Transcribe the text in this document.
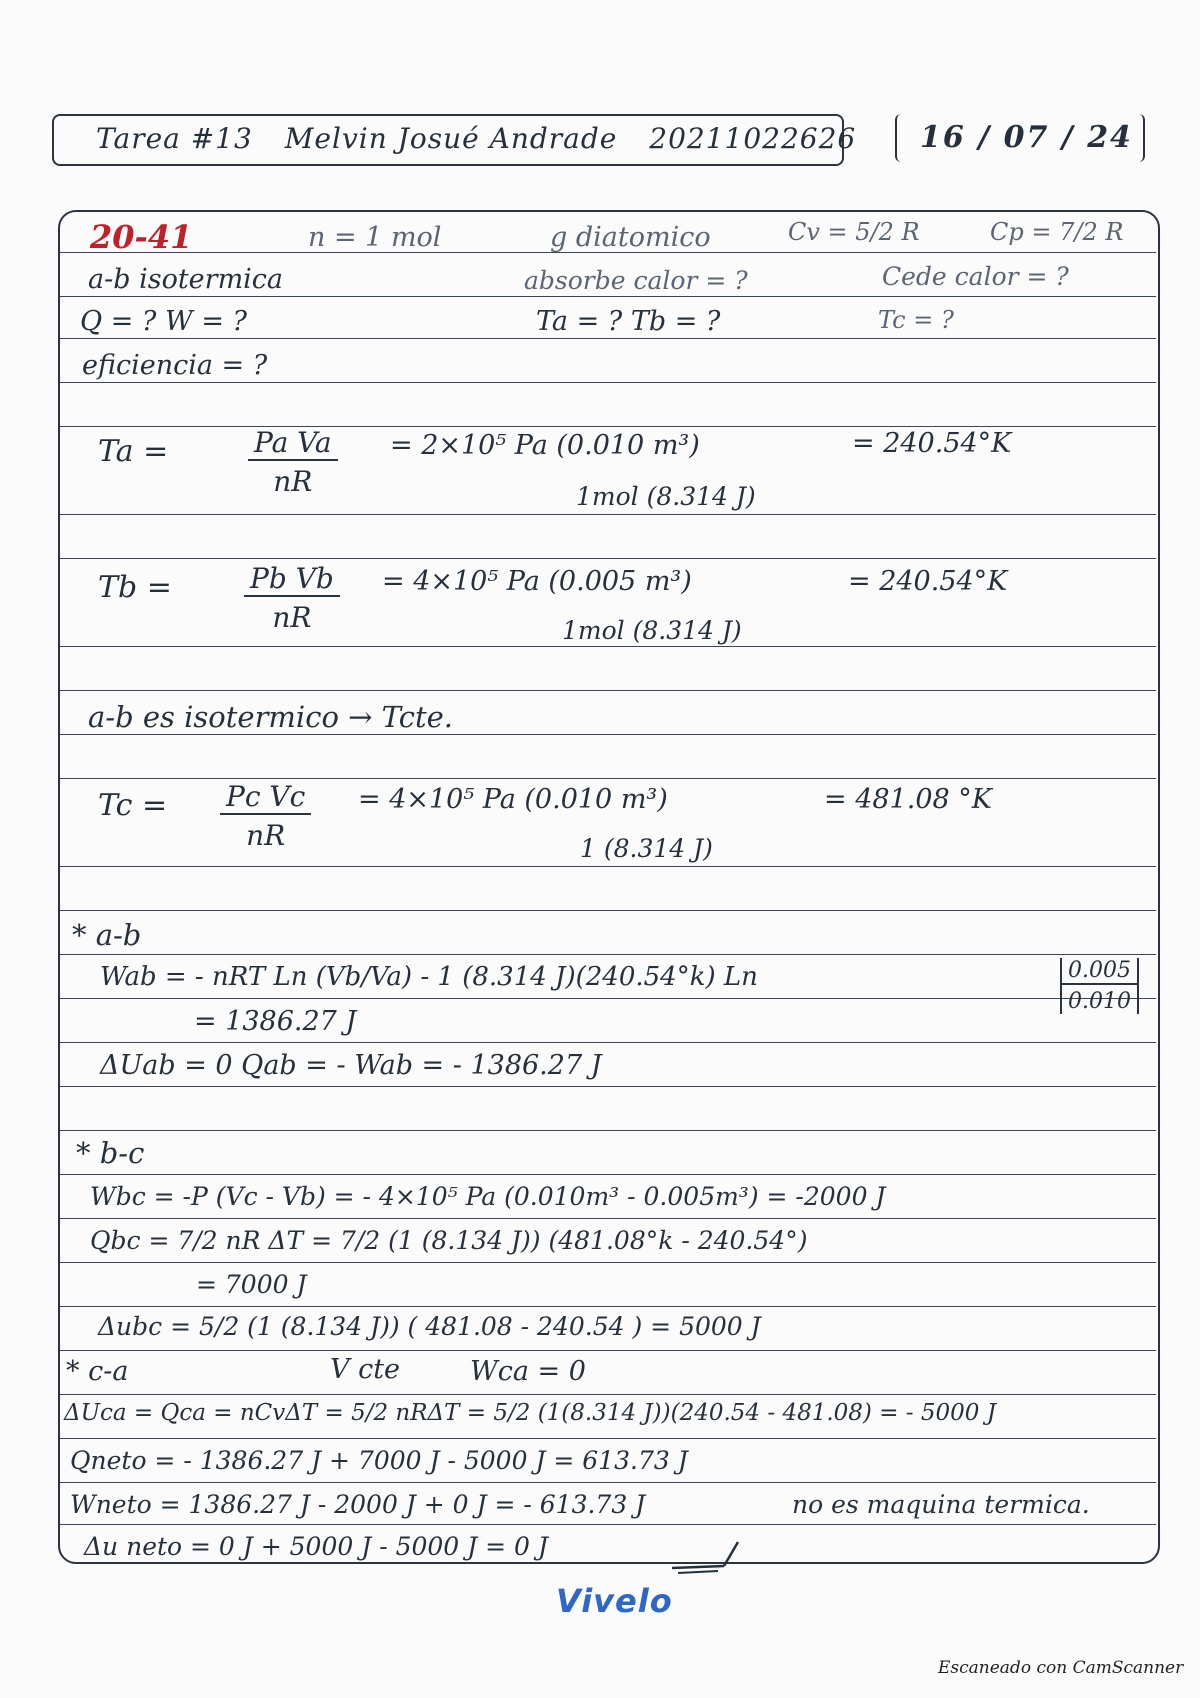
Tarea #13 Melvin Josué Andrade 20211022626	16 / 07 / 24
20-41	n = 1 mol	g diatomico	Cv = 5/2 R	Cp = 7/2 R
a-b isotermica	absorbe calor = ?	Cede calor = ?
Q = ? W = ?	Ta = ? Tb = ?	Tc = ?
eficiencia = ?
Ta =	$\frac{\text{Pa Va}}{nR} = 2\times 10^5$ Pa (0.010 m³)
1mol (8.314 J)
= 240.54°K
Tb =	$\frac{\text{Pb Vb}}{nR} = 4\times 10^5$ Pa (0.005 m³)
1mol (8.314 J)
= 240.54°K
a-b es isotermico → Tcte.
$Tc = \frac{\text{Pc Vc}}{nR} = 4\times 10^5$ Pa (0.010 m³)
1 (8.314 J)
= 481.08 °K
* a-b
Wab = - nRT Ln (Vb/Va) - 1 (8.314 J)(240.54°k) Ln	$\frac{0.005}{0.010}$
= 1386.27 J
ΔUab = 0 Qab = - Wab = - 1386.27 J
* b-c
Wbc = -P (Vc - Vb) = - 4×10⁵ Pa (0.010m³ - 0.005m³) = -2000 J
Qbc = 7/2 nR ΔT = 7/2 (1 (8.134 J)) (481.08°k - 240.54°)
= 7000 J
Δubc = 5/2 (1 (8.134 J)) ( 481.08 - 240.54 ) = 5000 J
* c-a	V cte	Wca = 0
ΔUca = Qca = nCvΔT = 5/2 nRΔT = 5/2 (1(8.314 J))(240.54 - 481.08) = - 5000 J
Qneto = - 1386.27 J + 7000 J - 5000 J = 613.73 J
Wneto = 1386.27 J - 2000 J + 0 J = - 613.73 J	no es maquina termica.
Δu neto = 0 J + 5000 J - 5000 J = 0 J
Vivelo
Escaneado con CamScanner
